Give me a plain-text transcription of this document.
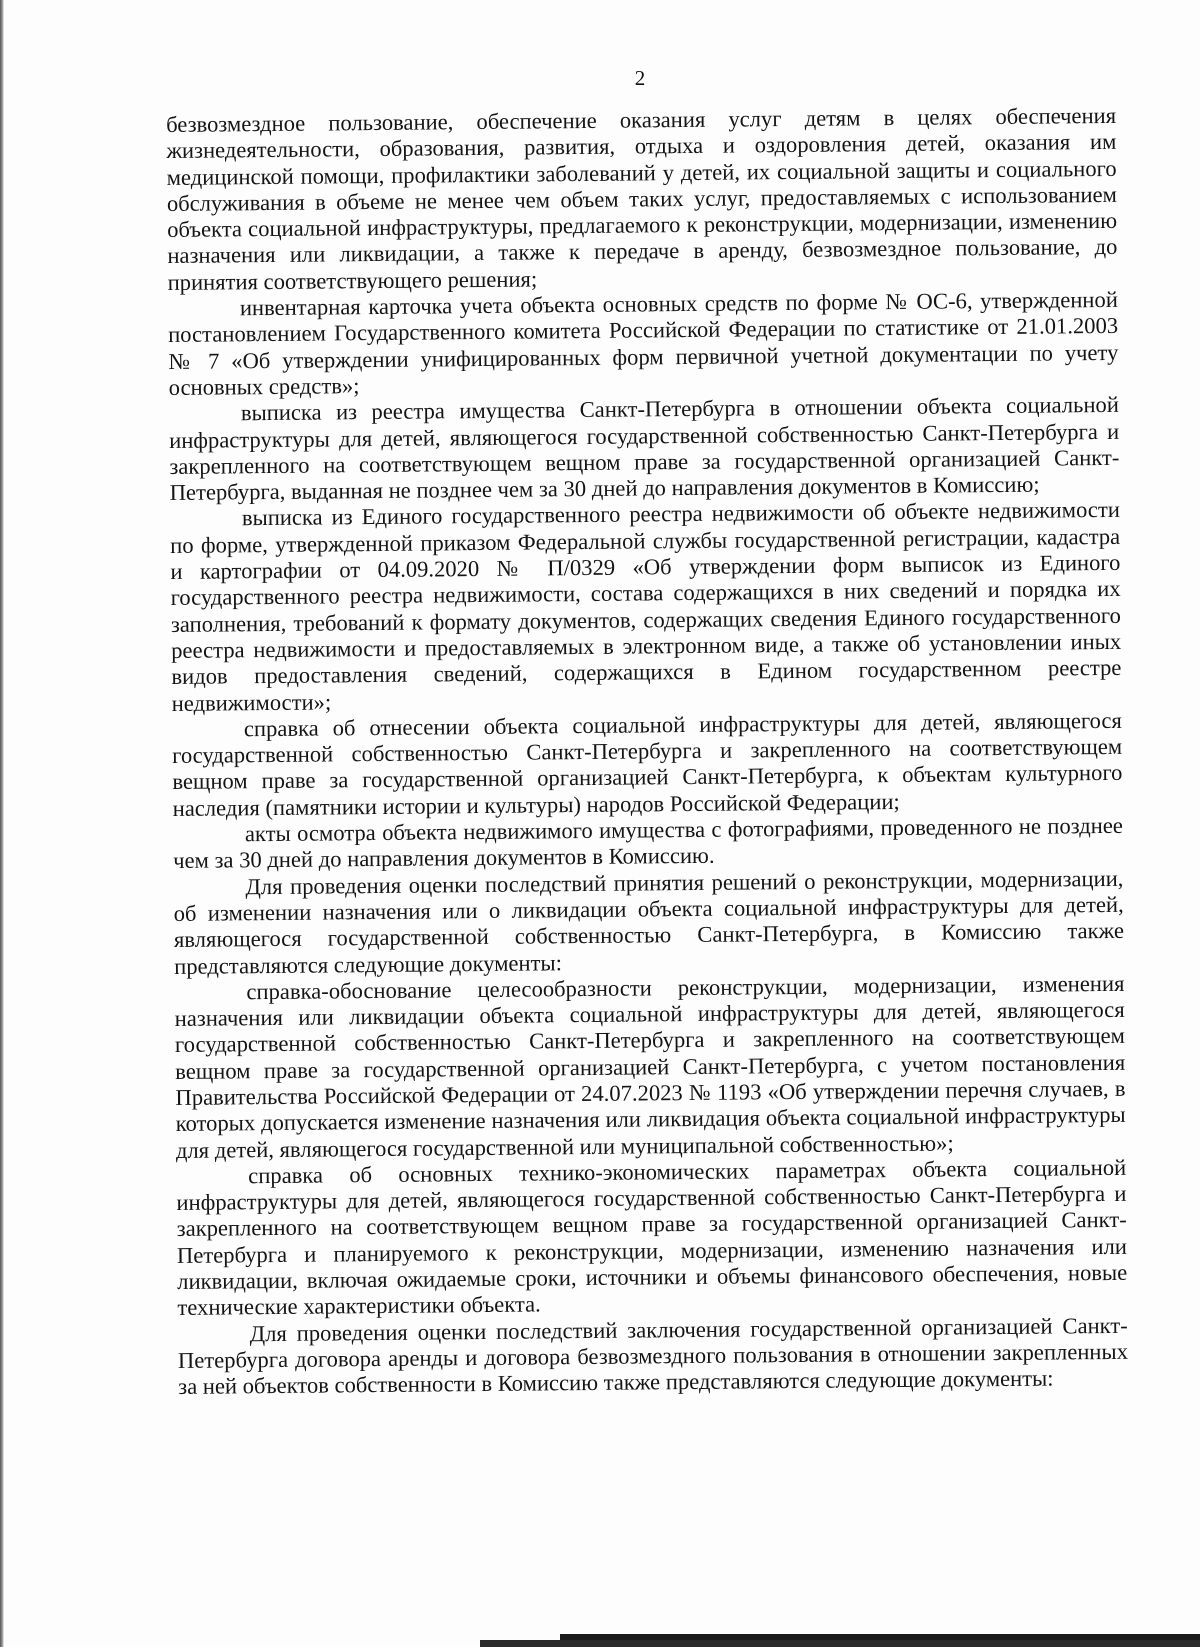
2

безвозмездное пользование, обеспечение оказания услуг детям в целях обеспечения жизнедеятельности, образования, развития, отдыха и оздоровления детей, оказания им медицинской помощи, профилактики заболеваний у детей, их социальной защиты и социального обслуживания в объеме не менее чем объем таких услуг, предоставляемых с использованием объекта социальной инфраструктуры, предлагаемого к реконструкции, модернизации, изменению назначения или ликвидации, а также к передаче в аренду, безвозмездное пользование, до принятия соответствующего решения;

инвентарная карточка учета объекта основных средств по форме № ОС-6, утвержденной постановлением Государственного комитета Российской Федерации по статистике от 21.01.2003 № 7 «Об утверждении унифицированных форм первичной учетной документации по учету основных средств»;

выписка из реестра имущества Санкт-Петербурга в отношении объекта социальной инфраструктуры для детей, являющегося государственной собственностью Санкт-Петербурга и закрепленного на соответствующем вещном праве за государственной организацией Санкт-Петербурга, выданная не позднее чем за 30 дней до направления документов в Комиссию;

выписка из Единого государственного реестра недвижимости об объекте недвижимости по форме, утвержденной приказом Федеральной службы государственной регистрации, кадастра и картографии от 04.09.2020 № П/0329 «Об утверждении форм выписок из Единого государственного реестра недвижимости, состава содержащихся в них сведений и порядка их заполнения, требований к формату документов, содержащих сведения Единого государственного реестра недвижимости и предоставляемых в электронном виде, а также об установлении иных видов предоставления сведений, содержащихся в Едином государственном реестре недвижимости»;

справка об отнесении объекта социальной инфраструктуры для детей, являющегося государственной собственностью Санкт-Петербурга и закрепленного на соответствующем вещном праве за государственной организацией Санкт-Петербурга, к объектам культурного наследия (памятники истории и культуры) народов Российской Федерации;

акты осмотра объекта недвижимого имущества с фотографиями, проведенного не позднее чем за 30 дней до направления документов в Комиссию.

Для проведения оценки последствий принятия решений о реконструкции, модернизации, об изменении назначения или о ликвидации объекта социальной инфраструктуры для детей, являющегося государственной собственностью Санкт-Петербурга, в Комиссию также представляются следующие документы:

справка-обоснование целесообразности реконструкции, модернизации, изменения назначения или ликвидации объекта социальной инфраструктуры для детей, являющегося государственной собственностью Санкт-Петербурга и закрепленного на соответствующем вещном праве за государственной организацией Санкт-Петербурга, с учетом постановления Правительства Российской Федерации от 24.07.2023 № 1193 «Об утверждении перечня случаев, в которых допускается изменение назначения или ликвидация объекта социальной инфраструктуры для детей, являющегося государственной или муниципальной собственностью»;

справка об основных технико-экономических параметрах объекта социальной инфраструктуры для детей, являющегося государственной собственностью Санкт-Петербурга и закрепленного на соответствующем вещном праве за государственной организацией Санкт-Петербурга и планируемого к реконструкции, модернизации, изменению назначения или ликвидации, включая ожидаемые сроки, источники и объемы финансового обеспечения, новые технические характеристики объекта.

Для проведения оценки последствий заключения государственной организацией Санкт-Петербурга договора аренды и договора безвозмездного пользования в отношении закрепленных за ней объектов собственности в Комиссию также представляются следующие документы:
